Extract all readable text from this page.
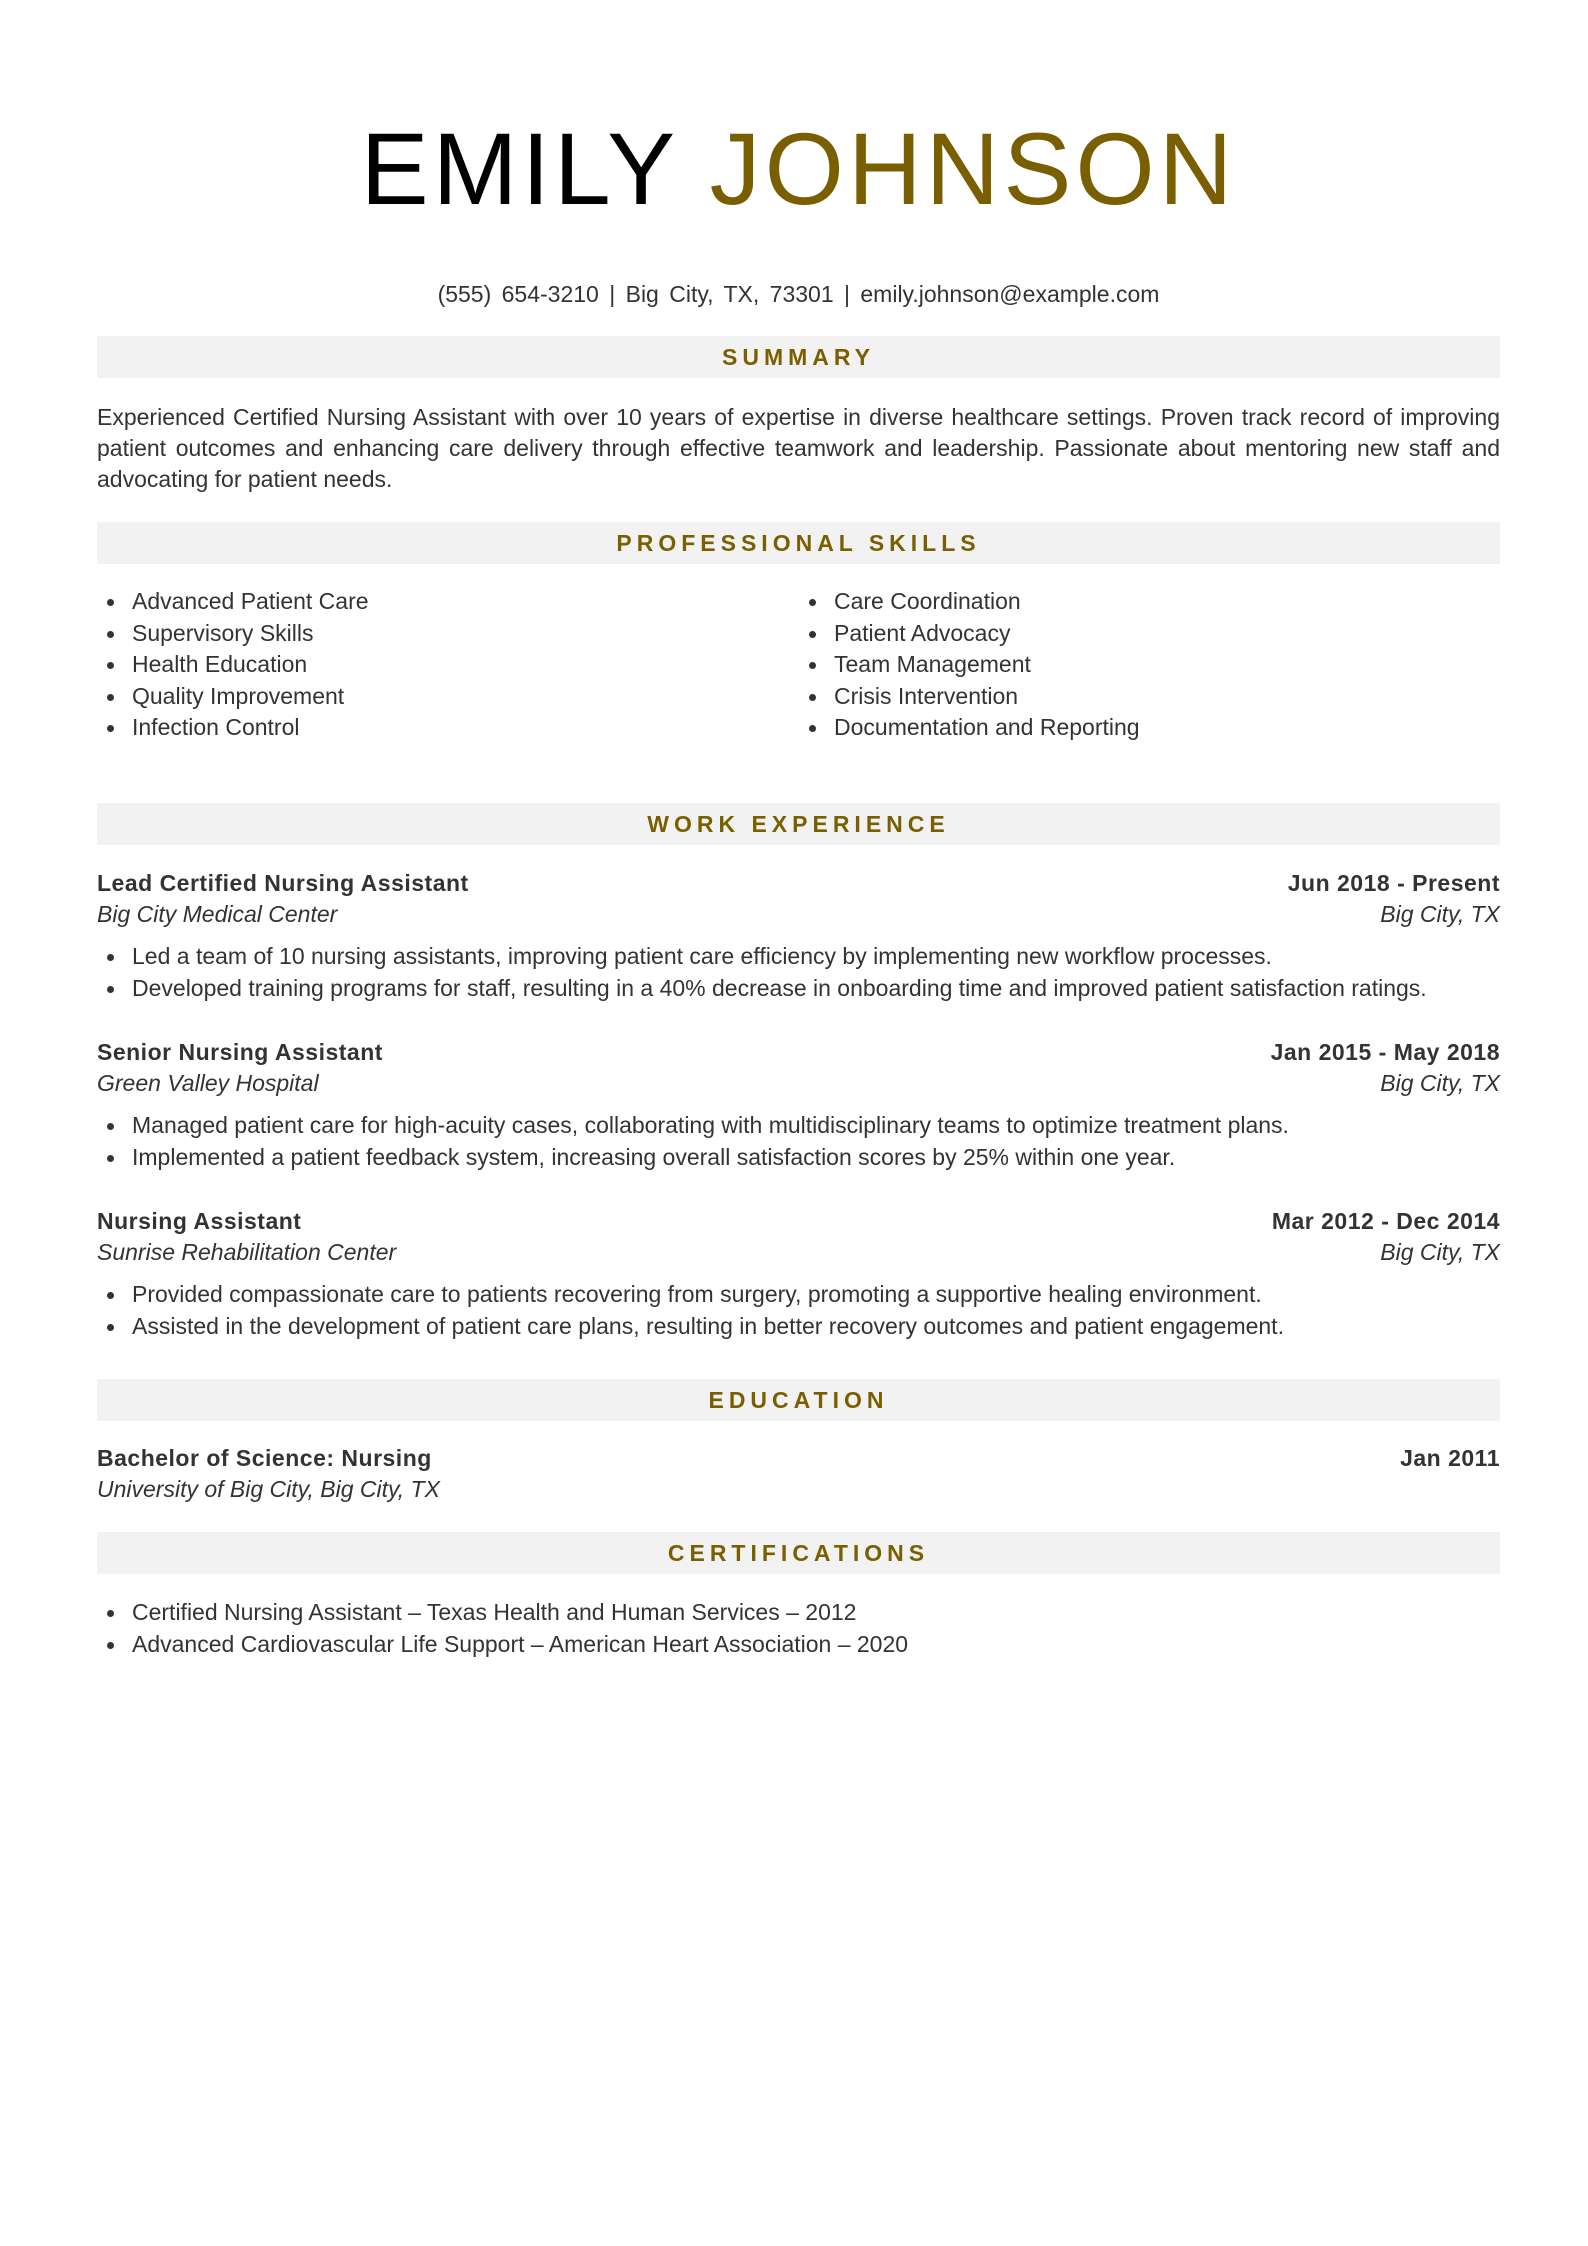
EMILY JOHNSON
(555) 654-3210 | Big City, TX, 73301 | emily.johnson@example.com
SUMMARY
Experienced Certified Nursing Assistant with over 10 years of expertise in diverse healthcare settings. Proven track record of improving patient outcomes and enhancing care delivery through effective teamwork and leadership. Passionate about mentoring new staff and advocating for patient needs.
PROFESSIONAL SKILLS
Advanced Patient Care
Supervisory Skills
Health Education
Quality Improvement
Infection Control
Care Coordination
Patient Advocacy
Team Management
Crisis Intervention
Documentation and Reporting
WORK EXPERIENCE
Lead Certified Nursing Assistant	Jun 2018 - Present
Big City Medical Center	Big City, TX
Led a team of 10 nursing assistants, improving patient care efficiency by implementing new workflow processes.
Developed training programs for staff, resulting in a 40% decrease in onboarding time and improved patient satisfaction ratings.
Senior Nursing Assistant	Jan 2015 - May 2018
Green Valley Hospital	Big City, TX
Managed patient care for high-acuity cases, collaborating with multidisciplinary teams to optimize treatment plans.
Implemented a patient feedback system, increasing overall satisfaction scores by 25% within one year.
Nursing Assistant	Mar 2012 - Dec 2014
Sunrise Rehabilitation Center	Big City, TX
Provided compassionate care to patients recovering from surgery, promoting a supportive healing environment.
Assisted in the development of patient care plans, resulting in better recovery outcomes and patient engagement.
EDUCATION
Bachelor of Science: Nursing	Jan 2011
University of Big City, Big City, TX
CERTIFICATIONS
Certified Nursing Assistant – Texas Health and Human Services – 2012
Advanced Cardiovascular Life Support – American Heart Association – 2020
